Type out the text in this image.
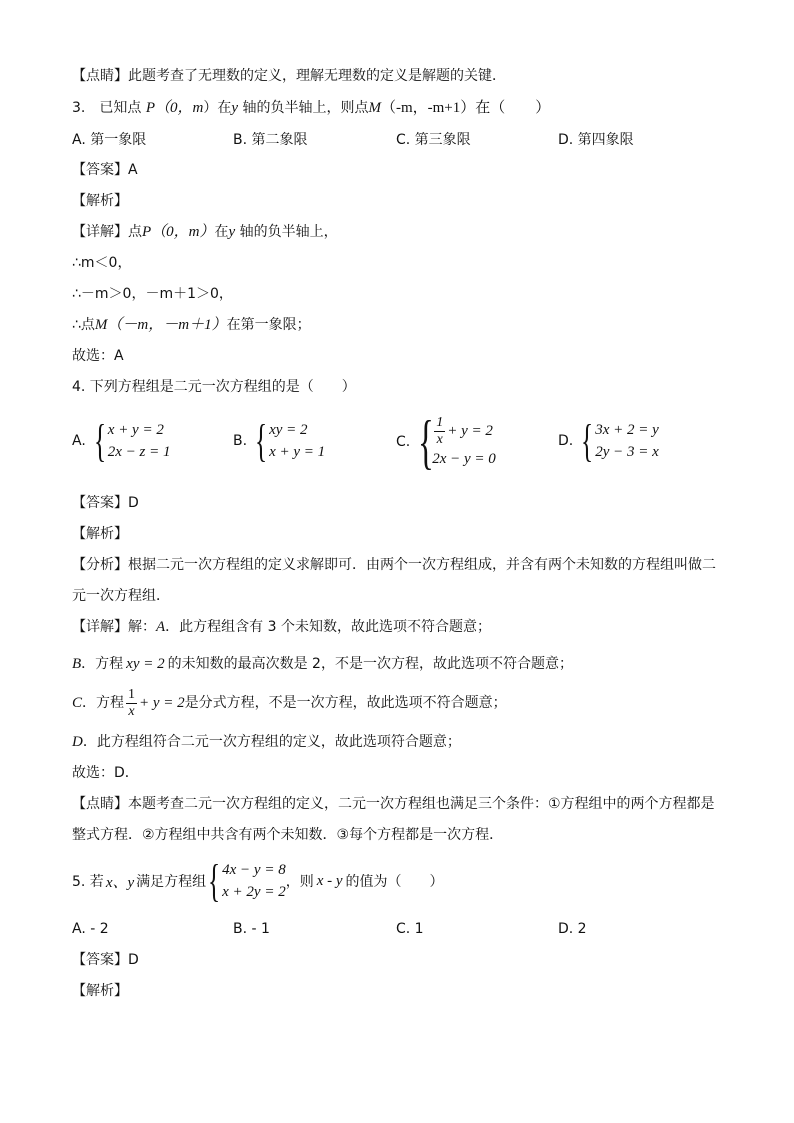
【点睛】此题考查了无理数的定义，理解无理数的定义是解题的关键．
3.　已知点 P（0，m）在y 轴的负半轴上，则点M（-m，-m+1）在（　　）
A. 第一象限	B. 第二象限	C. 第三象限	D. 第四象限
【答案】A
【解析】
【详解】点P（0，m）在y 轴的负半轴上，
∴m＜0，
∴－m＞0，－m＋1＞0，
∴点M（－m，－m＋1）在第一象限；
故选：A
4. 下列方程组是二元一次方程组的是（　　）
A. { x + y = 2
2x − z = 1
B. { xy = 2
x + y = 1
C. { $\frac{1}{x} + y = 2$
2x − y = 0
D. { 3x + 2 = y
2y − 3 = x
【答案】D
【解析】
【分析】根据二元一次方程组的定义求解即可．由两个一次方程组成，并含有两个未知数的方程组叫做二
元一次方程组．
【详解】解：A．此方程组含有 3 个未知数，故此选项不符合题意；
B．方程 xy = 2 的未知数的最高次数是 2，不是一次方程，故此选项不符合题意；
C．方程 $\frac{1}{x} + y = 2$是分式方程，不是一次方程，故此选项不符合题意；
D．此方程组符合二元一次方程组的定义，故此选项符合题意；
故选：D．
【点睛】本题考查二元一次方程组的定义，二元一次方程组也满足三个条件：①方程组中的两个方程都是
整式方程．②方程组中共含有两个未知数．③每个方程都是一次方程．
5. 若 x、y 满足方程组 { 4x − y = 8
x + 2y = 2
，则 x - y 的值为（　　）
A. - 2	B. - 1	C. 1	D. 2
【答案】D
【解析】
